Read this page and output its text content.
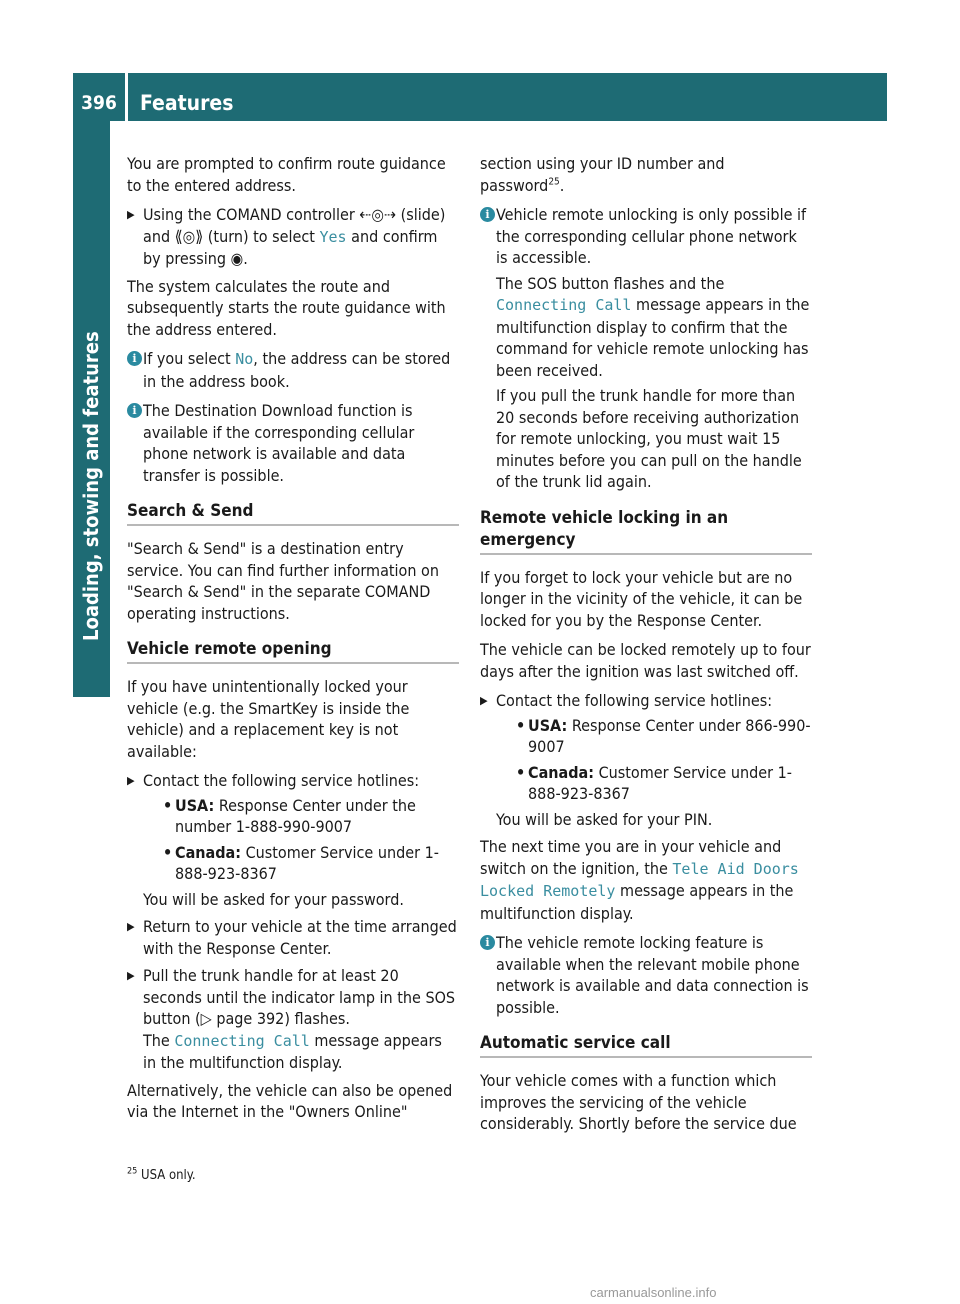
396	Features
Loading, stowing and features

You are prompted to confirm route guidance to the entered address.

▶ Using the COMAND controller ⇠◎⇢ (slide) and ⟪◎⟫ (turn) to select Yes and confirm by pressing ◉.

The system calculates the route and subsequently starts the route guidance with the address entered.

i If you select No, the address can be stored in the address book.

i The Destination Download function is available if the corresponding cellular phone network is available and data transfer is possible.

Search & Send

"Search & Send" is a destination entry service. You can find further information on "Search & Send" in the separate COMAND operating instructions.

Vehicle remote opening

If you have unintentionally locked your vehicle (e.g. the SmartKey is inside the vehicle) and a replacement key is not available:

▶ Contact the following service hotlines:
• USA: Response Center under the number 1-888-990-9007
• Canada: Customer Service under 1-888-923-8367
You will be asked for your password.
▶ Return to your vehicle at the time arranged with the Response Center.
▶ Pull the trunk handle for at least 20 seconds until the indicator lamp in the SOS button (▷ page 392) flashes.
The Connecting Call message appears in the multifunction display.

Alternatively, the vehicle can also be opened via the Internet in the "Owners Online"

section using your ID number and password$^{25}$.

i Vehicle remote unlocking is only possible if the corresponding cellular phone network is accessible.

The SOS button flashes and the Connecting Call message appears in the multifunction display to confirm that the command for vehicle remote unlocking has been received.

If you pull the trunk handle for more than 20 seconds before receiving authorization for remote unlocking, you must wait 15 minutes before you can pull on the handle of the trunk lid again.

Remote vehicle locking in an emergency

If you forget to lock your vehicle but are no longer in the vicinity of the vehicle, it can be locked for you by the Response Center.

The vehicle can be locked remotely up to four days after the ignition was last switched off.

▶ Contact the following service hotlines:
• USA: Response Center under 866-990-9007
• Canada: Customer Service under 1-888-923-8367
You will be asked for your PIN.

The next time you are in your vehicle and switch on the ignition, the Tele Aid Doors Locked Remotely message appears in the multifunction display.

i The vehicle remote locking feature is available when the relevant mobile phone network is available and data connection is possible.

Automatic service call

Your vehicle comes with a function which improves the servicing of the vehicle considerably. Shortly before the service due

$^{25}$ USA only.
carmanualsonline.info
